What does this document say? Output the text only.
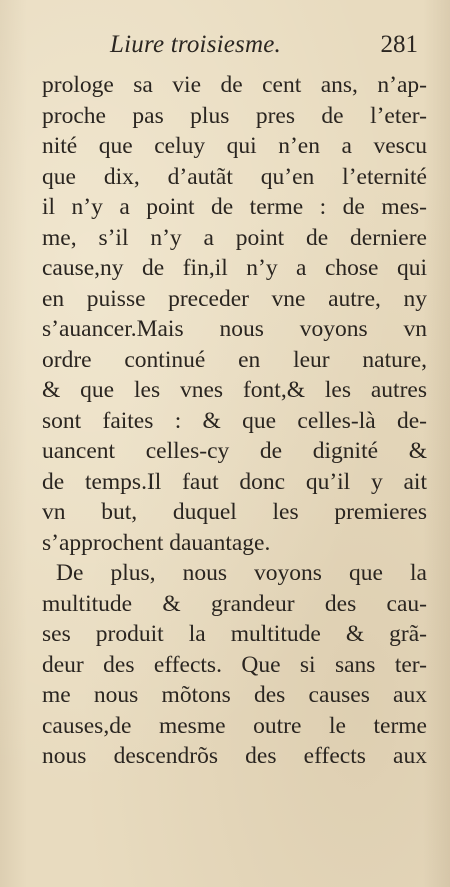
Liure troisiesme.	281
prologe sa vie de cent ans, n’ap-
proche pas plus pres de l’eter-
nité que celuy qui n’en a vescu
que dix, d’autãt qu’en l’eternité
il n’y a point de terme : de mes-
me, s’il n’y a point de derniere
cause,ny de fin,il n’y a chose qui
en puisse preceder vne autre, ny
s’auancer.Mais nous voyons vn
ordre continué en leur nature,
& que les vnes font,& les autres
sont faites : & que celles-là de-
uancent celles-cy de dignité &
de temps.Il faut donc qu’il y ait
vn but, duquel les premieres
s’approchent dauantage.
De plus, nous voyons que la
multitude & grandeur des cau-
ses produit la multitude & grã-
deur des effects. Que si sans ter-
me nous mõtons des causes aux
causes,de mesme outre le terme
nous descendrõs des effects aux
